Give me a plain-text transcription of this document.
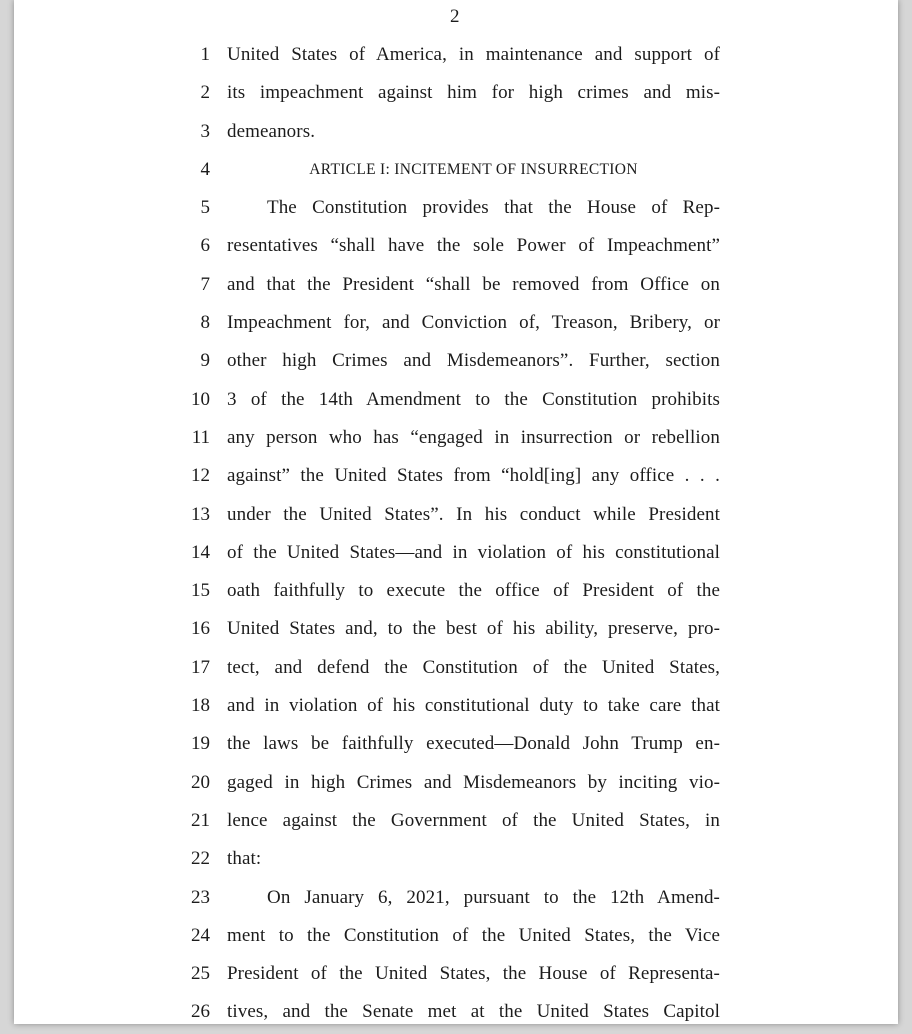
2
1 United States of America, in maintenance and support of
2 its impeachment against him for high crimes and mis-
3 demeanors.
4	ARTICLE I: INCITEMENT OF INSURRECTION
5	The Constitution provides that the House of Rep-
6 resentatives “shall have the sole Power of Impeachment”
7 and that the President “shall be removed from Office on
8 Impeachment for, and Conviction of, Treason, Bribery, or
9 other high Crimes and Misdemeanors”. Further, section
10 3 of the 14th Amendment to the Constitution prohibits
11 any person who has “engaged in insurrection or rebellion
12 against” the United States from “hold[ing] any office . . .
13 under the United States”. In his conduct while President
14 of the United States—and in violation of his constitutional
15 oath faithfully to execute the office of President of the
16 United States and, to the best of his ability, preserve, pro-
17 tect, and defend the Constitution of the United States,
18 and in violation of his constitutional duty to take care that
19 the laws be faithfully executed—Donald John Trump en-
20 gaged in high Crimes and Misdemeanors by inciting vio-
21 lence against the Government of the United States, in
22 that:
23	On January 6, 2021, pursuant to the 12th Amend-
24 ment to the Constitution of the United States, the Vice
25 President of the United States, the House of Representa-
26 tives, and the Senate met at the United States Capitol
